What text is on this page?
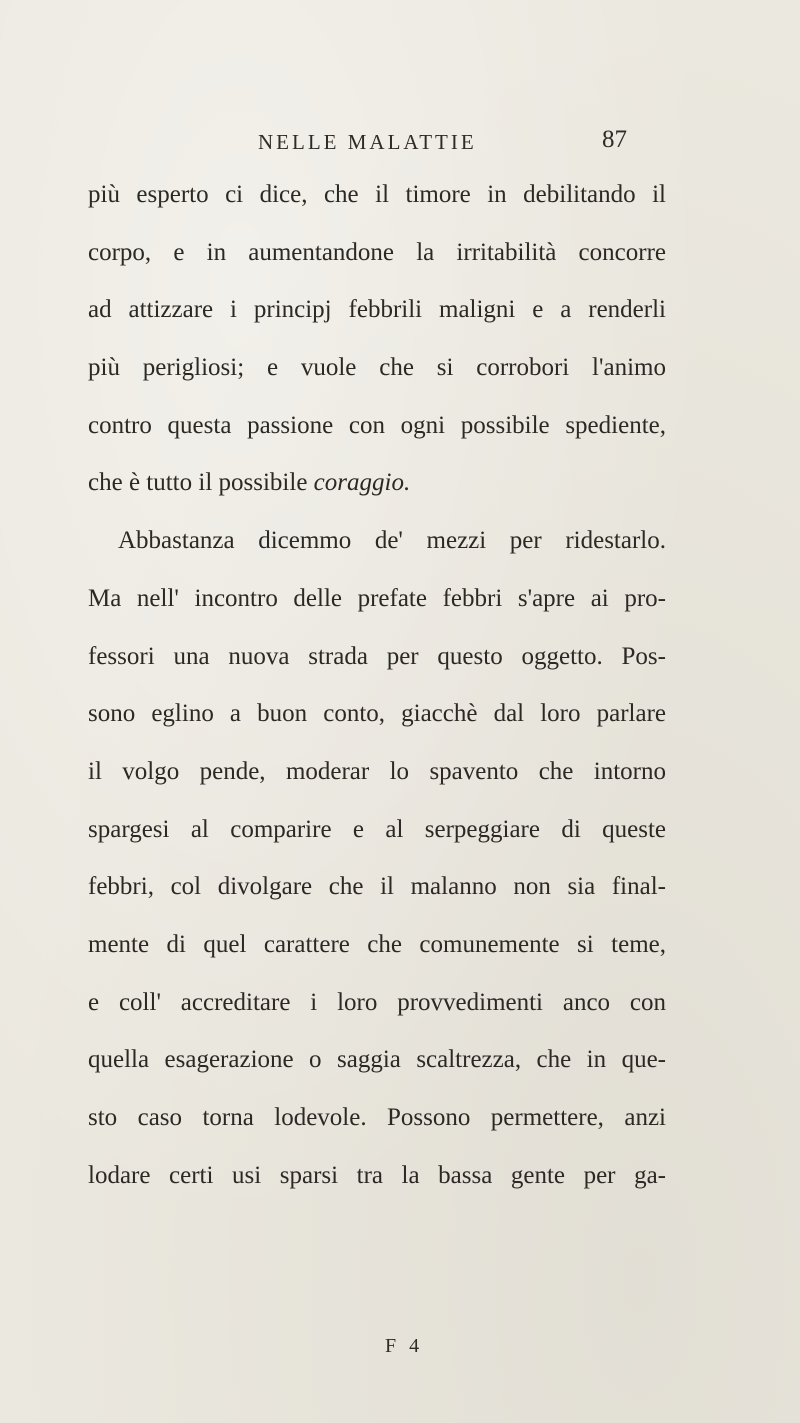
NELLE MALATTIE	87
più esperto ci dice, che il timore in debilitando il
corpo, e in aumentandone la irritabilità concorre
ad attizzare i principj febbrili maligni e a renderli
più perigliosi; e vuole che si corrobori l'animo
contro questa passione con ogni possibile spediente,
che è tutto il possibile coraggio.
Abbastanza dicemmo de' mezzi per ridestarlo.
Ma nell' incontro delle prefate febbri s'apre ai pro-
fessori una nuova strada per questo oggetto. Pos-
sono eglino a buon conto, giacchè dal loro parlare
il volgo pende, moderar lo spavento che intorno
spargesi al comparire e al serpeggiare di queste
febbri, col divolgare che il malanno non sia final-
mente di quel carattere che comunemente si teme,
e coll' accreditare i loro provvedimenti anco con
quella esagerazione o saggia scaltrezza, che in que-
sto caso torna lodevole. Possono permettere, anzi
lodare certi usi sparsi tra la bassa gente per ga-
F 4
